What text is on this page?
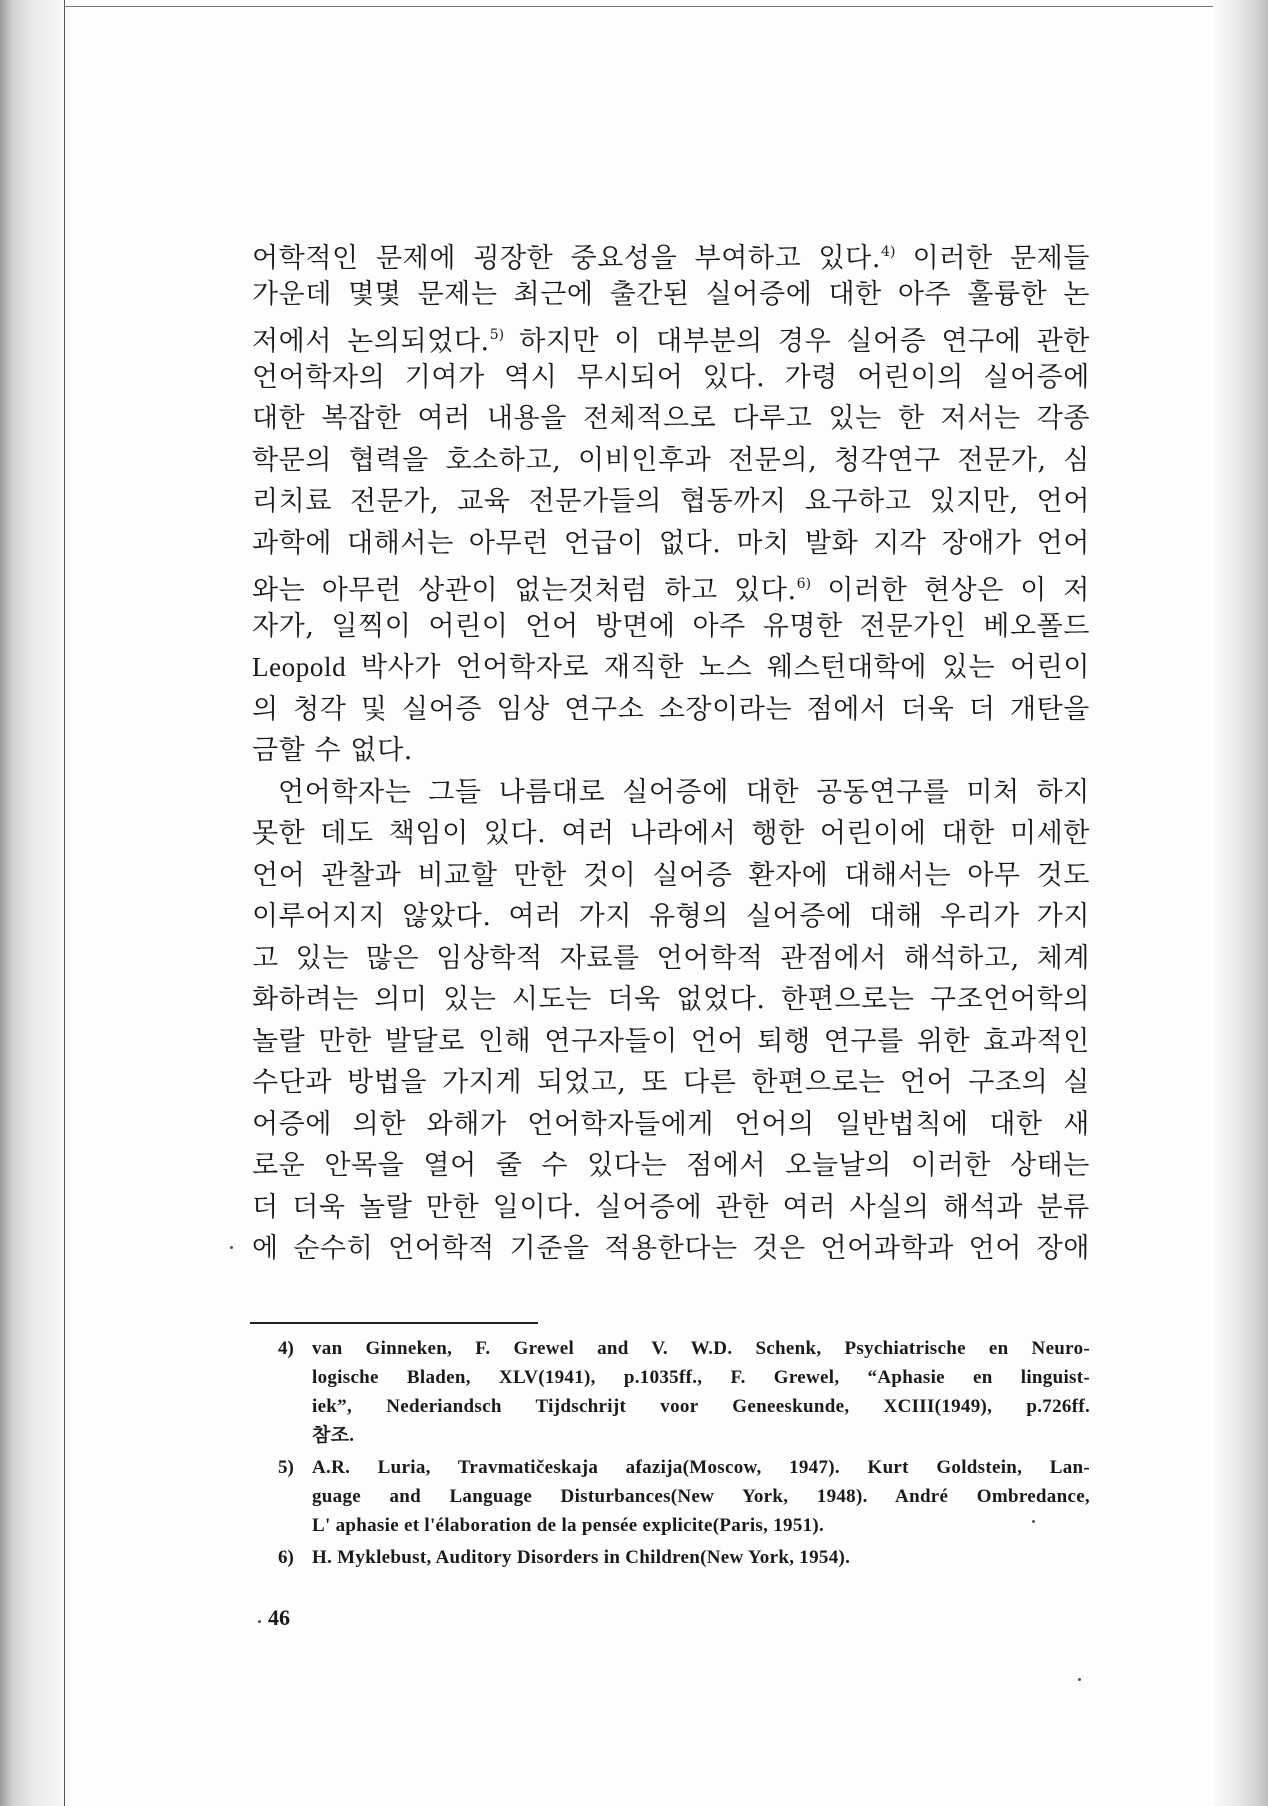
어학적인 문제에 굉장한 중요성을 부여하고 있다.$^{4)}$ 이러한 문제들
가운데 몇몇 문제는 최근에 출간된 실어증에 대한 아주 훌륭한 논
저에서 논의되었다.$^{5)}$ 하지만 이 대부분의 경우 실어증 연구에 관한
언어학자의 기여가 역시 무시되어 있다. 가령 어린이의 실어증에
대한 복잡한 여러 내용을 전체적으로 다루고 있는 한 저서는 각종
학문의 협력을 호소하고, 이비인후과 전문의, 청각연구 전문가, 심
리치료 전문가, 교육 전문가들의 협동까지 요구하고 있지만, 언어
과학에 대해서는 아무런 언급이 없다. 마치 발화 지각 장애가 언어
와는 아무런 상관이 없는것처럼 하고 있다.$^{6)}$ 이러한 현상은 이 저
자가, 일찍이 어린이 언어 방면에 아주 유명한 전문가인 베오폴드
Leopold 박사가 언어학자로 재직한 노스 웨스턴대학에 있는 어린이
의 청각 및 실어증 임상 연구소 소장이라는 점에서 더욱 더 개탄을
금할 수 없다.
언어학자는 그들 나름대로 실어증에 대한 공동연구를 미처 하지
못한 데도 책임이 있다. 여러 나라에서 행한 어린이에 대한 미세한
언어 관찰과 비교할 만한 것이 실어증 환자에 대해서는 아무 것도
이루어지지 않았다. 여러 가지 유형의 실어증에 대해 우리가 가지
고 있는 많은 임상학적 자료를 언어학적 관점에서 해석하고, 체계
화하려는 의미 있는 시도는 더욱 없었다. 한편으로는 구조언어학의
놀랄 만한 발달로 인해 연구자들이 언어 퇴행 연구를 위한 효과적인
수단과 방법을 가지게 되었고, 또 다른 한편으로는 언어 구조의 실
어증에 의한 와해가 언어학자들에게 언어의 일반법칙에 대한 새
로운 안목을 열어 줄 수 있다는 점에서 오늘날의 이러한 상태는
더 더욱 놀랄 만한 일이다. 실어증에 관한 여러 사실의 해석과 분류
에 순수히 언어학적 기준을 적용한다는 것은 언어과학과 언어 장애
4) van Ginneken, F. Grewel and V. W.D. Schenk, Psychiatrische en Neuro-
logische Bladen, XLV(1941), p.1035ff., F. Grewel, “Aphasie en linguist-
iek”, Nederiandsch Tijdschrijt voor Geneeskunde, XCIII(1949), p.726ff.
참조.
5) A.R. Luria, Travmatičeskaja afazija(Moscow, 1947). Kurt Goldstein, Lan-
guage and Language Disturbances(New York, 1948). André Ombredance,
L' aphasie et l'élaboration de la pensée explicite(Paris, 1951).
6) H. Myklebust, Auditory Disorders in Children(New York, 1954).
46
